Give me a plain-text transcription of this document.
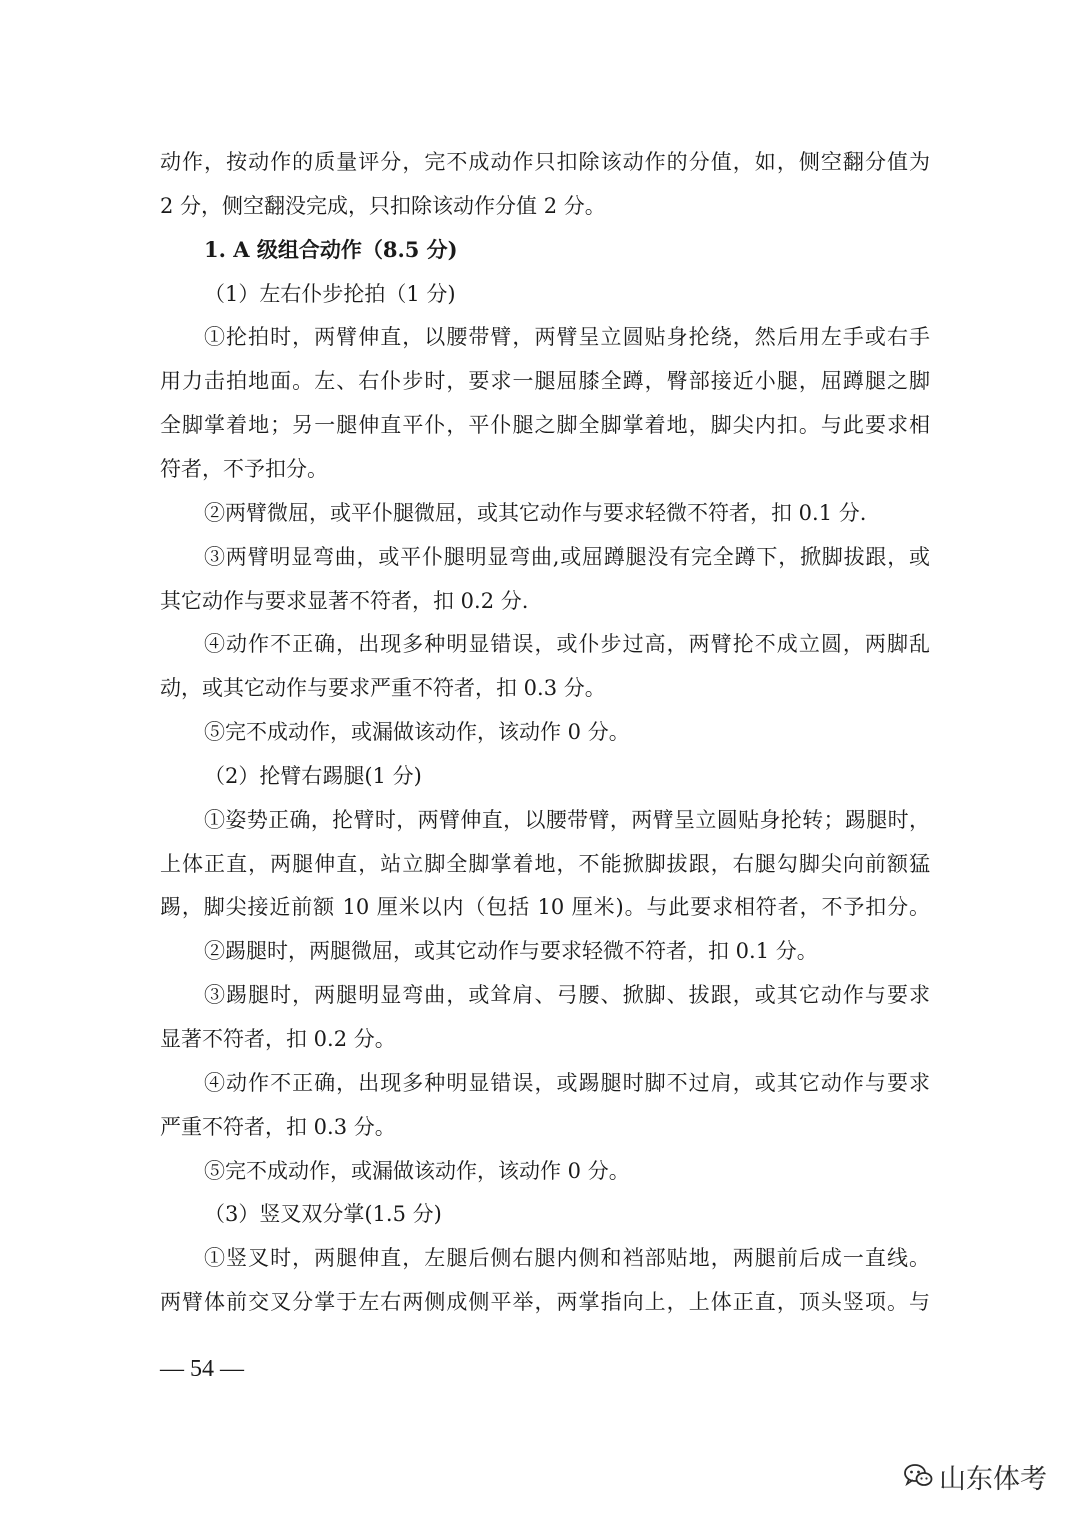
动作，按动作的质量评分，完不成动作只扣除该动作的分值，如，侧空翻分值为
2 分，侧空翻没完成，只扣除该动作分值 2 分。
1. A 级组合动作（8.5 分)
（1）左右仆步抡拍（1 分)
①抡拍时，两臂伸直，以腰带臂，两臂呈立圆贴身抡绕，然后用左手或右手
用力击拍地面。左、右仆步时，要求一腿屈膝全蹲，臀部接近小腿，屈蹲腿之脚
全脚掌着地；另一腿伸直平仆，平仆腿之脚全脚掌着地，脚尖内扣。与此要求相
符者，不予扣分。
②两臂微屈，或平仆腿微屈，或其它动作与要求轻微不符者，扣 0.1 分.
③两臂明显弯曲，或平仆腿明显弯曲,或屈蹲腿没有完全蹲下，掀脚拔跟，或
其它动作与要求显著不符者，扣 0.2 分.
④动作不正确，出现多种明显错误，或仆步过高，两臂抡不成立圆，两脚乱
动，或其它动作与要求严重不符者，扣 0.3 分。
⑤完不成动作，或漏做该动作，该动作 0 分。
（2）抡臂右踢腿(1 分)
①姿势正确，抡臂时，两臂伸直，以腰带臂，两臂呈立圆贴身抡转；踢腿时，
上体正直，两腿伸直，站立脚全脚掌着地，不能掀脚拔跟，右腿勾脚尖向前额猛
踢，脚尖接近前额 10 厘米以内（包括 10 厘米)。与此要求相符者，不予扣分。
②踢腿时，两腿微屈，或其它动作与要求轻微不符者，扣 0.1 分。
③踢腿时，两腿明显弯曲，或耸肩、弓腰、掀脚、拔跟，或其它动作与要求
显著不符者，扣 0.2 分。
④动作不正确，出现多种明显错误，或踢腿时脚不过肩，或其它动作与要求
严重不符者，扣 0.3 分。
⑤完不成动作，或漏做该动作，该动作 0 分。
（3）竖叉双分掌(1.5 分)
①竖叉时，两腿伸直，左腿后侧右腿内侧和裆部贴地，两腿前后成一直线。
两臂体前交叉分掌于左右两侧成侧平举，两掌指向上，上体正直，顶头竖项。与
— 54 —
山东体考
